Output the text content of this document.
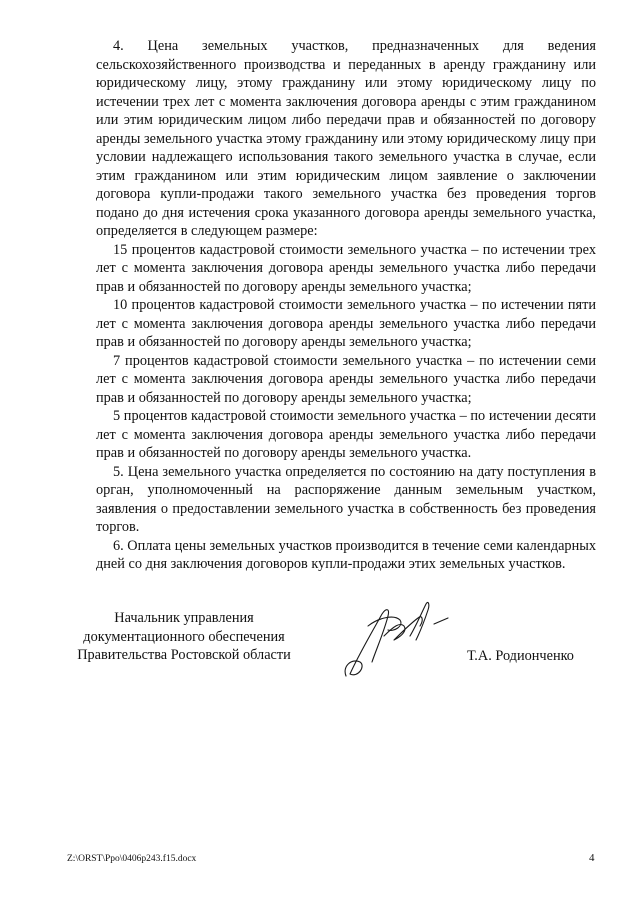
4. Цена земельных участков, предназначенных для ведения сельскохозяйственного производства и переданных в аренду гражданину или юридическому лицу, этому гражданину или этому юридическому лицу по истечении трех лет с момента заключения договора аренды с этим гражданином или этим юридическим лицом либо передачи прав и обязанностей по договору аренды земельного участка этому гражданину или этому юридическому лицу при условии надлежащего использования такого земельного участка в случае, если этим гражданином или этим юридическим лицом заявление о заключении договора купли-продажи такого земельного участка без проведения торгов подано до дня истечения срока указанного договора аренды земельного участка, определяется в следующем размере:

15 процентов кадастровой стоимости земельного участка – по истечении трех лет с момента заключения договора аренды земельного участка либо передачи прав и обязанностей по договору аренды земельного участка;

10 процентов кадастровой стоимости земельного участка – по истечении пяти лет с момента заключения договора аренды земельного участка либо передачи прав и обязанностей по договору аренды земельного участка;

7 процентов кадастровой стоимости земельного участка – по истечении семи лет с момента заключения договора аренды земельного участка либо передачи прав и обязанностей по договору аренды земельного участка;

5 процентов кадастровой стоимости земельного участка – по истечении десяти лет с момента заключения договора аренды земельного участка либо передачи прав и обязанностей по договору аренды земельного участка.

5. Цена земельного участка определяется по состоянию на дату поступления в орган, уполномоченный на распоряжение данным земельным участком, заявления о предоставлении земельного участка в собственность без проведения торгов.

6. Оплата цены земельных участков производится в течение семи календарных дней со дня заключения договоров купли-продажи этих земельных участков.

Начальник управления
документационного обеспечения
Правительства Ростовской области	Т.А. Родионченко
Z:\ORST\Ppo\0406p243.f15.docx	4
